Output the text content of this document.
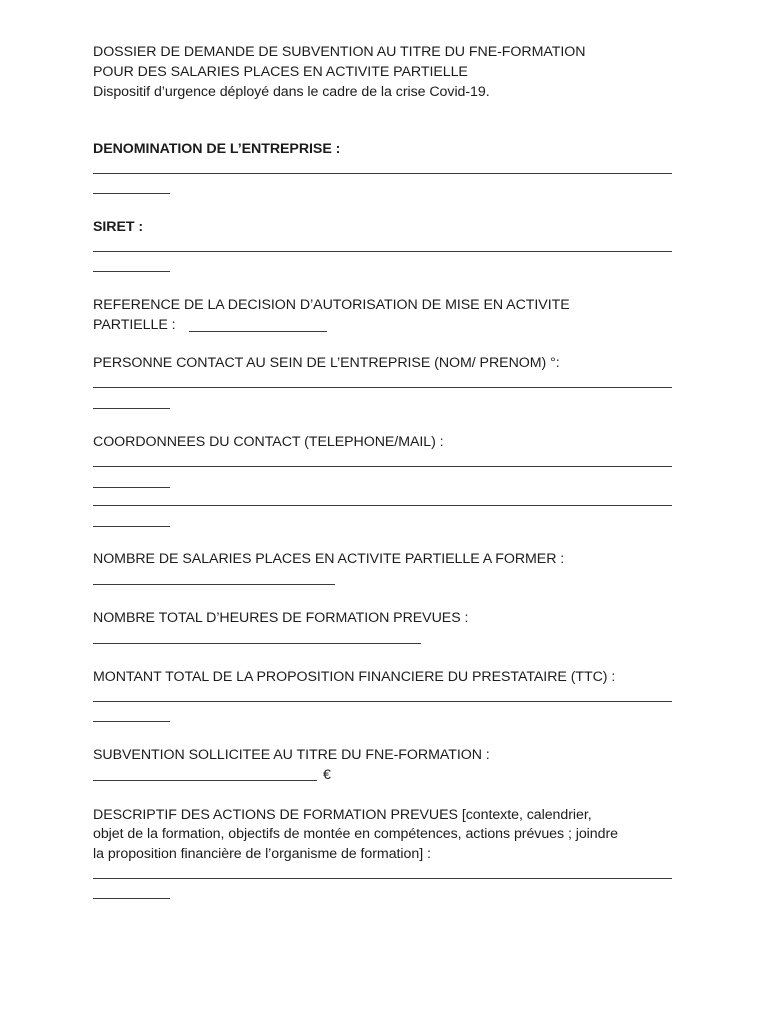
DOSSIER DE DEMANDE DE SUBVENTION AU TITRE DU FNE-FORMATION
POUR DES SALARIES PLACES EN ACTIVITE PARTIELLE
Dispositif d’urgence déployé dans le cadre de la crise Covid-19.
DENOMINATION DE L’ENTREPRISE :
SIRET :
REFERENCE DE LA DECISION D’AUTORISATION DE MISE EN ACTIVITE
PARTIELLE :
PERSONNE CONTACT AU SEIN DE L’ENTREPRISE (NOM/ PRENOM) °:
COORDONNEES DU CONTACT (TELEPHONE/MAIL) :
NOMBRE DE SALARIES PLACES EN ACTIVITE PARTIELLE A FORMER :
NOMBRE TOTAL D’HEURES DE FORMATION PREVUES :
MONTANT TOTAL DE LA PROPOSITION FINANCIERE DU PRESTATAIRE (TTC) :
SUBVENTION SOLLICITEE AU TITRE DU FNE-FORMATION :
€
DESCRIPTIF DES ACTIONS DE FORMATION PREVUES [contexte, calendrier,
objet de la formation, objectifs de montée en compétences, actions prévues ; joindre
la proposition financière de l’organisme de formation] :
